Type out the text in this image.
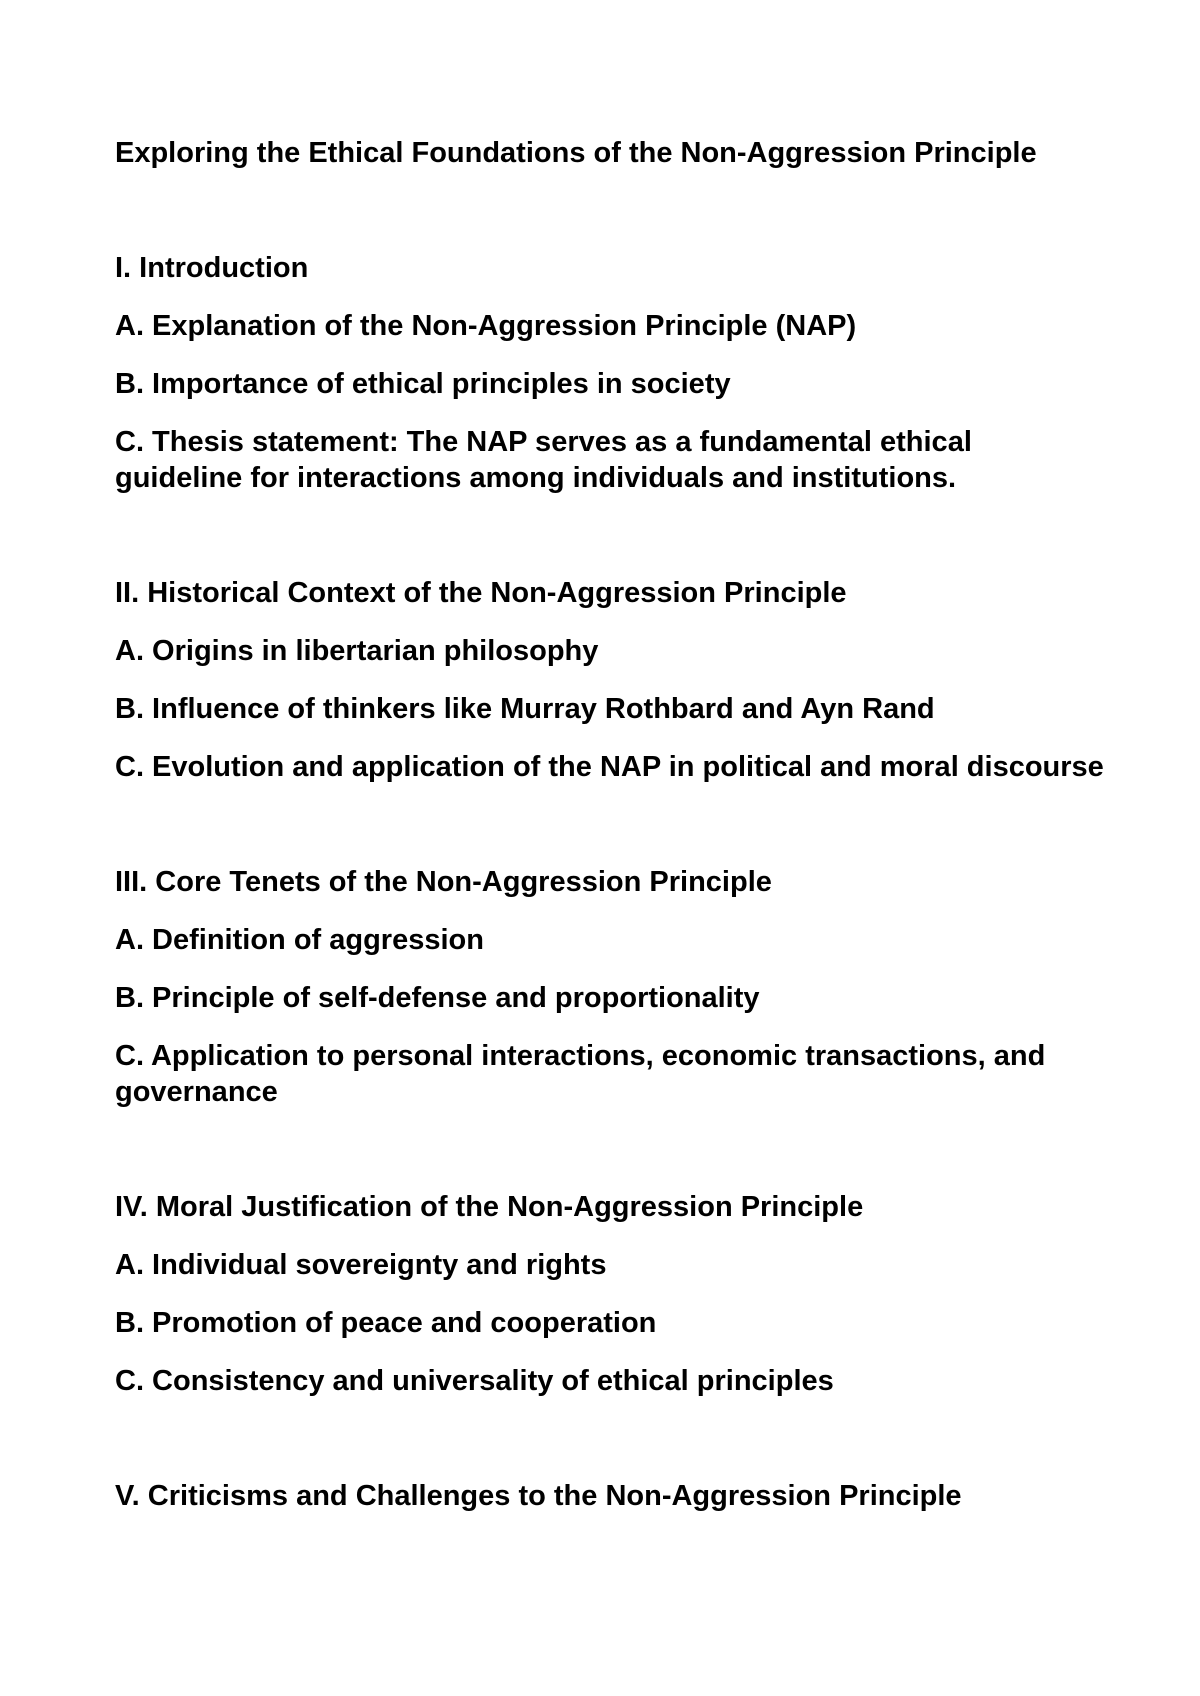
Exploring the Ethical Foundations of the Non-Aggression Principle

I. Introduction

A. Explanation of the Non-Aggression Principle (NAP)

B. Importance of ethical principles in society

C. Thesis statement: The NAP serves as a fundamental ethical guideline for interactions among individuals and institutions.

II. Historical Context of the Non-Aggression Principle

A. Origins in libertarian philosophy

B. Influence of thinkers like Murray Rothbard and Ayn Rand

C. Evolution and application of the NAP in political and moral discourse

III. Core Tenets of the Non-Aggression Principle

A. Definition of aggression

B. Principle of self-defense and proportionality

C. Application to personal interactions, economic transactions, and governance

IV. Moral Justification of the Non-Aggression Principle

A. Individual sovereignty and rights

B. Promotion of peace and cooperation

C. Consistency and universality of ethical principles

V. Criticisms and Challenges to the Non-Aggression Principle
